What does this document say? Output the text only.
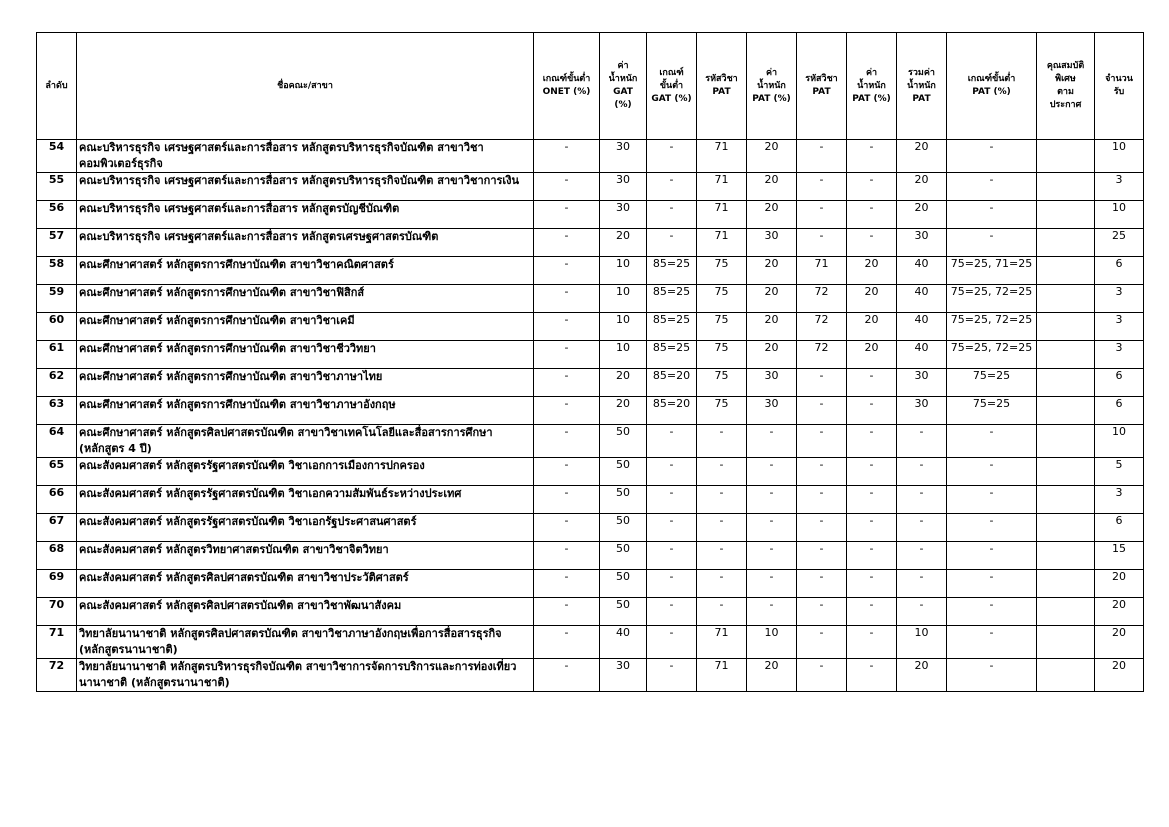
ลำดับ	ชื่อคณะ/สาขา	เกณฑ์ขั้นต่ำ
ONET (%)	ค่า
น้ำหนัก
GAT
(%)	เกณฑ์
ขั้นต่ำ
GAT (%)	รหัสวิชา
PAT	ค่า
น้ำหนัก
PAT (%)	รหัสวิชา
PAT	ค่า
น้ำหนัก
PAT (%)	รวมค่า
น้ำหนัก
PAT	เกณฑ์ขั้นต่ำ
PAT (%)	คุณสมบัติ
พิเศษ
ตาม
ประกาศ	จำนวน
รับ

54	คณะบริหารธุรกิจ เศรษฐศาสตร์และการสื่อสาร หลักสูตรบริหารธุรกิจบัณฑิต สาขาวิชาคอมพิวเตอร์ธุรกิจ	-	30	-	71	20	-	-	20	-		10
55	คณะบริหารธุรกิจ เศรษฐศาสตร์และการสื่อสาร หลักสูตรบริหารธุรกิจบัณฑิต สาขาวิชาการเงิน	-	30	-	71	20	-	-	20	-		3
56	คณะบริหารธุรกิจ เศรษฐศาสตร์และการสื่อสาร หลักสูตรบัญชีบัณฑิต	-	30	-	71	20	-	-	20	-		10
57	คณะบริหารธุรกิจ เศรษฐศาสตร์และการสื่อสาร หลักสูตรเศรษฐศาสตรบัณฑิต	-	20	-	71	30	-	-	30	-		25
58	คณะศึกษาศาสตร์ หลักสูตรการศึกษาบัณฑิต สาขาวิชาคณิตศาสตร์	-	10	85=25	75	20	71	20	40	75=25, 71=25		6
59	คณะศึกษาศาสตร์ หลักสูตรการศึกษาบัณฑิต สาขาวิชาฟิสิกส์	-	10	85=25	75	20	72	20	40	75=25, 72=25		3
60	คณะศึกษาศาสตร์ หลักสูตรการศึกษาบัณฑิต สาขาวิชาเคมี	-	10	85=25	75	20	72	20	40	75=25, 72=25		3
61	คณะศึกษาศาสตร์ หลักสูตรการศึกษาบัณฑิต สาขาวิชาชีววิทยา	-	10	85=25	75	20	72	20	40	75=25, 72=25		3
62	คณะศึกษาศาสตร์ หลักสูตรการศึกษาบัณฑิต สาขาวิชาภาษาไทย	-	20	85=20	75	30	-	-	30	75=25		6
63	คณะศึกษาศาสตร์ หลักสูตรการศึกษาบัณฑิต สาขาวิชาภาษาอังกฤษ	-	20	85=20	75	30	-	-	30	75=25		6
64	คณะศึกษาศาสตร์ หลักสูตรศิลปศาสตรบัณฑิต สาขาวิชาเทคโนโลยีและสื่อสารการศึกษา (หลักสูตร 4 ปี)	-	50	-	-	-	-	-	-	-		10
65	คณะสังคมศาสตร์ หลักสูตรรัฐศาสตรบัณฑิต วิชาเอกการเมืองการปกครอง	-	50	-	-	-	-	-	-	-		5
66	คณะสังคมศาสตร์ หลักสูตรรัฐศาสตรบัณฑิต วิชาเอกความสัมพันธ์ระหว่างประเทศ	-	50	-	-	-	-	-	-	-		3
67	คณะสังคมศาสตร์ หลักสูตรรัฐศาสตรบัณฑิต วิชาเอกรัฐประศาสนศาสตร์	-	50	-	-	-	-	-	-	-		6
68	คณะสังคมศาสตร์ หลักสูตรวิทยาศาสตรบัณฑิต สาขาวิชาจิตวิทยา	-	50	-	-	-	-	-	-	-		15
69	คณะสังคมศาสตร์ หลักสูตรศิลปศาสตรบัณฑิต สาขาวิชาประวัติศาสตร์	-	50	-	-	-	-	-	-	-		20
70	คณะสังคมศาสตร์ หลักสูตรศิลปศาสตรบัณฑิต สาขาวิชาพัฒนาสังคม	-	50	-	-	-	-	-	-	-		20
71	วิทยาลัยนานาชาติ หลักสูตรศิลปศาสตรบัณฑิต สาขาวิชาภาษาอังกฤษเพื่อการสื่อสารธุรกิจ (หลักสูตรนานาชาติ)	-	40	-	71	10	-	-	10	-		20
72	วิทยาลัยนานาชาติ หลักสูตรบริหารธุรกิจบัณฑิต สาขาวิชาการจัดการบริการและการท่องเที่ยวนานาชาติ (หลักสูตรนานาชาติ)	-	30	-	71	20	-	-	20	-		20
